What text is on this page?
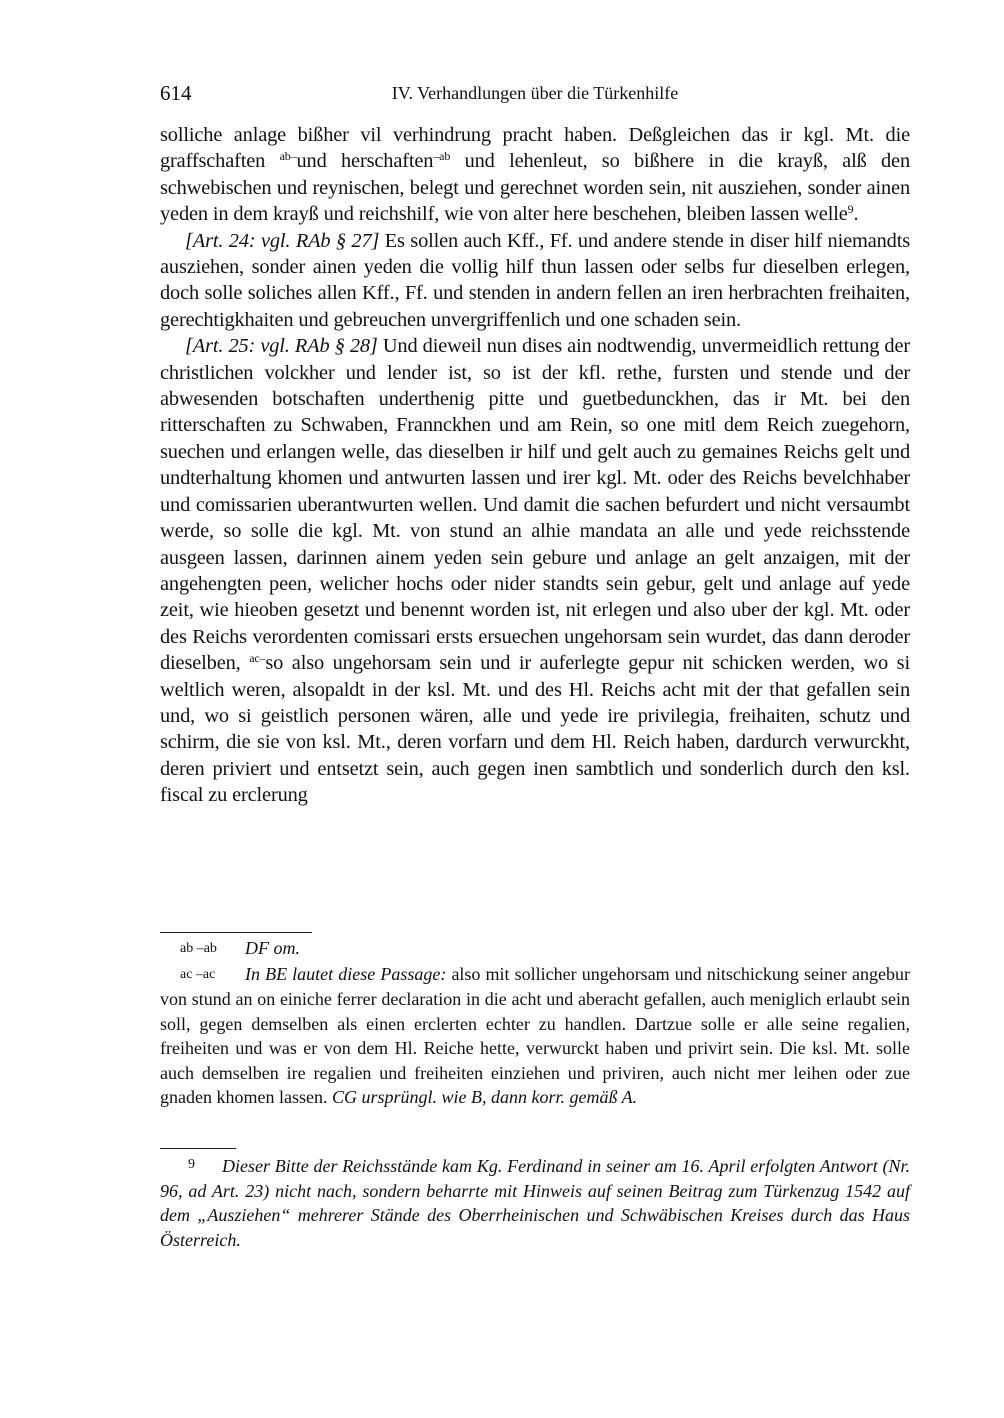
614	IV. Verhandlungen über die Türkenhilfe

solliche anlage bißher vil verhindrung pracht haben. Deßgleichen das ir kgl. Mt. die graffschaften $^{ab-}$und herschaften$^{-ab}$ und lehenleut, so bißhere in die krayß, alß den schwebischen und reynischen, belegt und gerechnet worden sein, nit ausziehen, sonder ainen yeden in dem krayß und reichshilf, wie von alter here beschehen, bleiben lassen welle$^9$.

[Art. 24: vgl. RAb § 27] Es sollen auch Kff., Ff. und andere stende in diser hilf niemandts ausziehen, sonder ainen yeden die vollig hilf thun lassen oder selbs fur dieselben erlegen, doch solle soliches allen Kff., Ff. und stenden in andern fellen an iren herbrachten freihaiten, gerechtigkhaiten und gebreuchen unvergriffenlich und one schaden sein.

[Art. 25: vgl. RAb § 28] Und dieweil nun dises ain nodtwendig, unvermeidlich rettung der christlichen volckher und lender ist, so ist der kfl. rethe, fursten und stende und der abwesenden botschaften underthenig pitte und guetbedunckhen, das ir Mt. bei den ritterschaften zu Schwaben, Frannckhen und am Rein, so one mitl dem Reich zuegehorn, suechen und erlangen welle, das dieselben ir hilf und gelt auch zu gemaines Reichs gelt und undterhaltung khomen und antwurten lassen und irer kgl. Mt. oder des Reichs bevelchhaber und comissarien uberantwurten wellen. Und damit die sachen befurdert und nicht versaumbt werde, so solle die kgl. Mt. von stund an alhie mandata an alle und yede reichsstende ausgeen lassen, darinnen ainem yeden sein gebure und anlage an gelt anzaigen, mit der angehengten peen, welicher hochs oder nider standts sein gebur, gelt und anlage auf yede zeit, wie hieoben gesetzt und benennt worden ist, nit erlegen und also uber der kgl. Mt. oder des Reichs verordenten comissari ersts ersuechen ungehorsam sein wurdet, das dann deroder dieselben, $^{ac-}$so also ungehorsam sein und ir auferlegte gepur nit schicken werden, wo si weltlich weren, alsopaldt in der ksl. Mt. und des Hl. Reichs acht mit der that gefallen sein und, wo si geistlich personen wären, alle und yede ire privilegia, freihaiten, schutz und schirm, die sie von ksl. Mt., deren vorfarn und dem Hl. Reich haben, dardurch verwurckht, deren priviert und entsetzt sein, auch gegen inen sambtlich und sonderlich durch den ksl. fiscal zu erclerung

ab –ab DF om.

ac –ac In BE lautet diese Passage: also mit sollicher ungehorsam und nitschickung seiner angebur von stund an on einiche ferrer declaration in die acht und aberacht gefallen, auch meniglich erlaubt sein soll, gegen demselben als einen erclerten echter zu handlen. Dartzue solle er alle seine regalien, freiheiten und was er von dem Hl. Reiche hette, verwurckt haben und privirt sein. Die ksl. Mt. solle auch demselben ire regalien und freiheiten einziehen und priviren, auch nicht mer leihen oder zue gnaden khomen lassen. CG ursprüngl. wie B, dann korr. gemäß A.

9 Dieser Bitte der Reichsstände kam Kg. Ferdinand in seiner am 16. April erfolgten Antwort (Nr. 96, ad Art. 23) nicht nach, sondern beharrte mit Hinweis auf seinen Beitrag zum Türkenzug 1542 auf dem „Ausziehen“ mehrerer Stände des Oberrheinischen und Schwäbischen Kreises durch das Haus Österreich.
